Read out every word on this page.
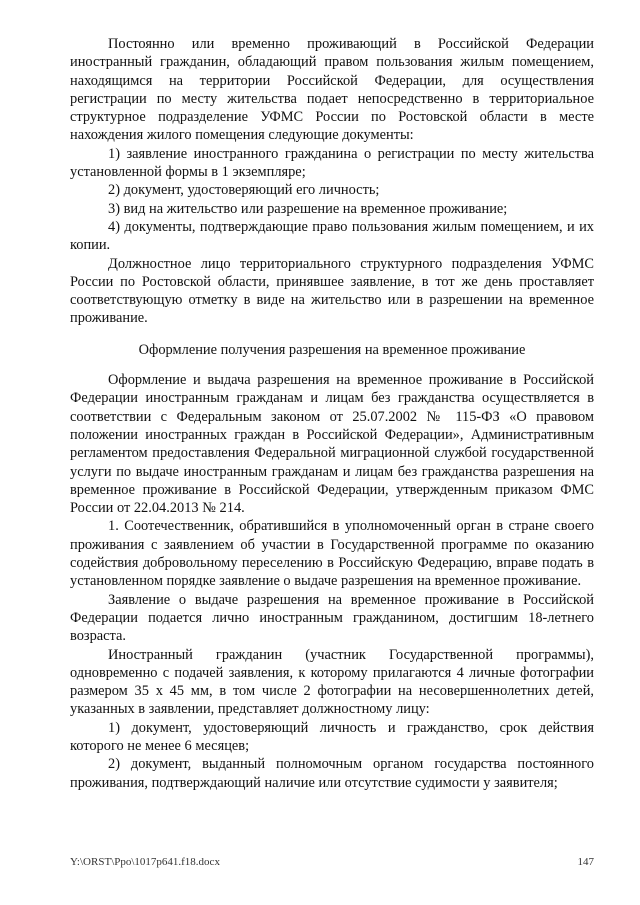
Постоянно или временно проживающий в Российской Федерации иностранный гражданин, обладающий правом пользования жилым помещением, находящимся на территории Российской Федерации, для осуществления регистрации по месту жительства подает непосредственно в территориальное структурное подразделение УФМС России по Ростовской области в месте нахождения жилого помещения следующие документы:

1) заявление иностранного гражданина о регистрации по месту жительства установленной формы в 1 экземпляре;

2) документ, удостоверяющий его личность;

3) вид на жительство или разрешение на временное проживание;

4) документы, подтверждающие право пользования жилым помещением, и их копии.

Должностное лицо территориального структурного подразделения УФМС России по Ростовской области, принявшее заявление, в тот же день проставляет соответствующую отметку в виде на жительство или в разрешении на временное проживание.

Оформление получения разрешения на временное проживание

Оформление и выдача разрешения на временное проживание в Российской Федерации иностранным гражданам и лицам без гражданства осуществляется в соответствии с Федеральным законом от 25.07.2002 № 115-ФЗ «О правовом положении иностранных граждан в Российской Федерации», Административным регламентом предоставления Федеральной миграционной службой государственной услуги по выдаче иностранным гражданам и лицам без гражданства разрешения на временное проживание в Российской Федерации, утвержденным приказом ФМС России от 22.04.2013 № 214.

1. Соотечественник, обратившийся в уполномоченный орган в стране своего проживания с заявлением об участии в Государственной программе по оказанию содействия добровольному переселению в Российскую Федерацию, вправе подать в установленном порядке заявление о выдаче разрешения на временное проживание.

Заявление о выдаче разрешения на временное проживание в Российской Федерации подается лично иностранным гражданином, достигшим 18-летнего возраста.

Иностранный гражданин (участник Государственной программы), одновременно с подачей заявления, к которому прилагаются 4 личные фотографии размером 35 х 45 мм, в том числе 2 фотографии на несовершеннолетних детей, указанных в заявлении, представляет должностному лицу:

1) документ, удостоверяющий личность и гражданство, срок действия которого не менее 6 месяцев;

2) документ, выданный полномочным органом государства постоянного проживания, подтверждающий наличие или отсутствие судимости у заявителя;

Y:\ORST\Ppo\1017p641.f18.docx	147
